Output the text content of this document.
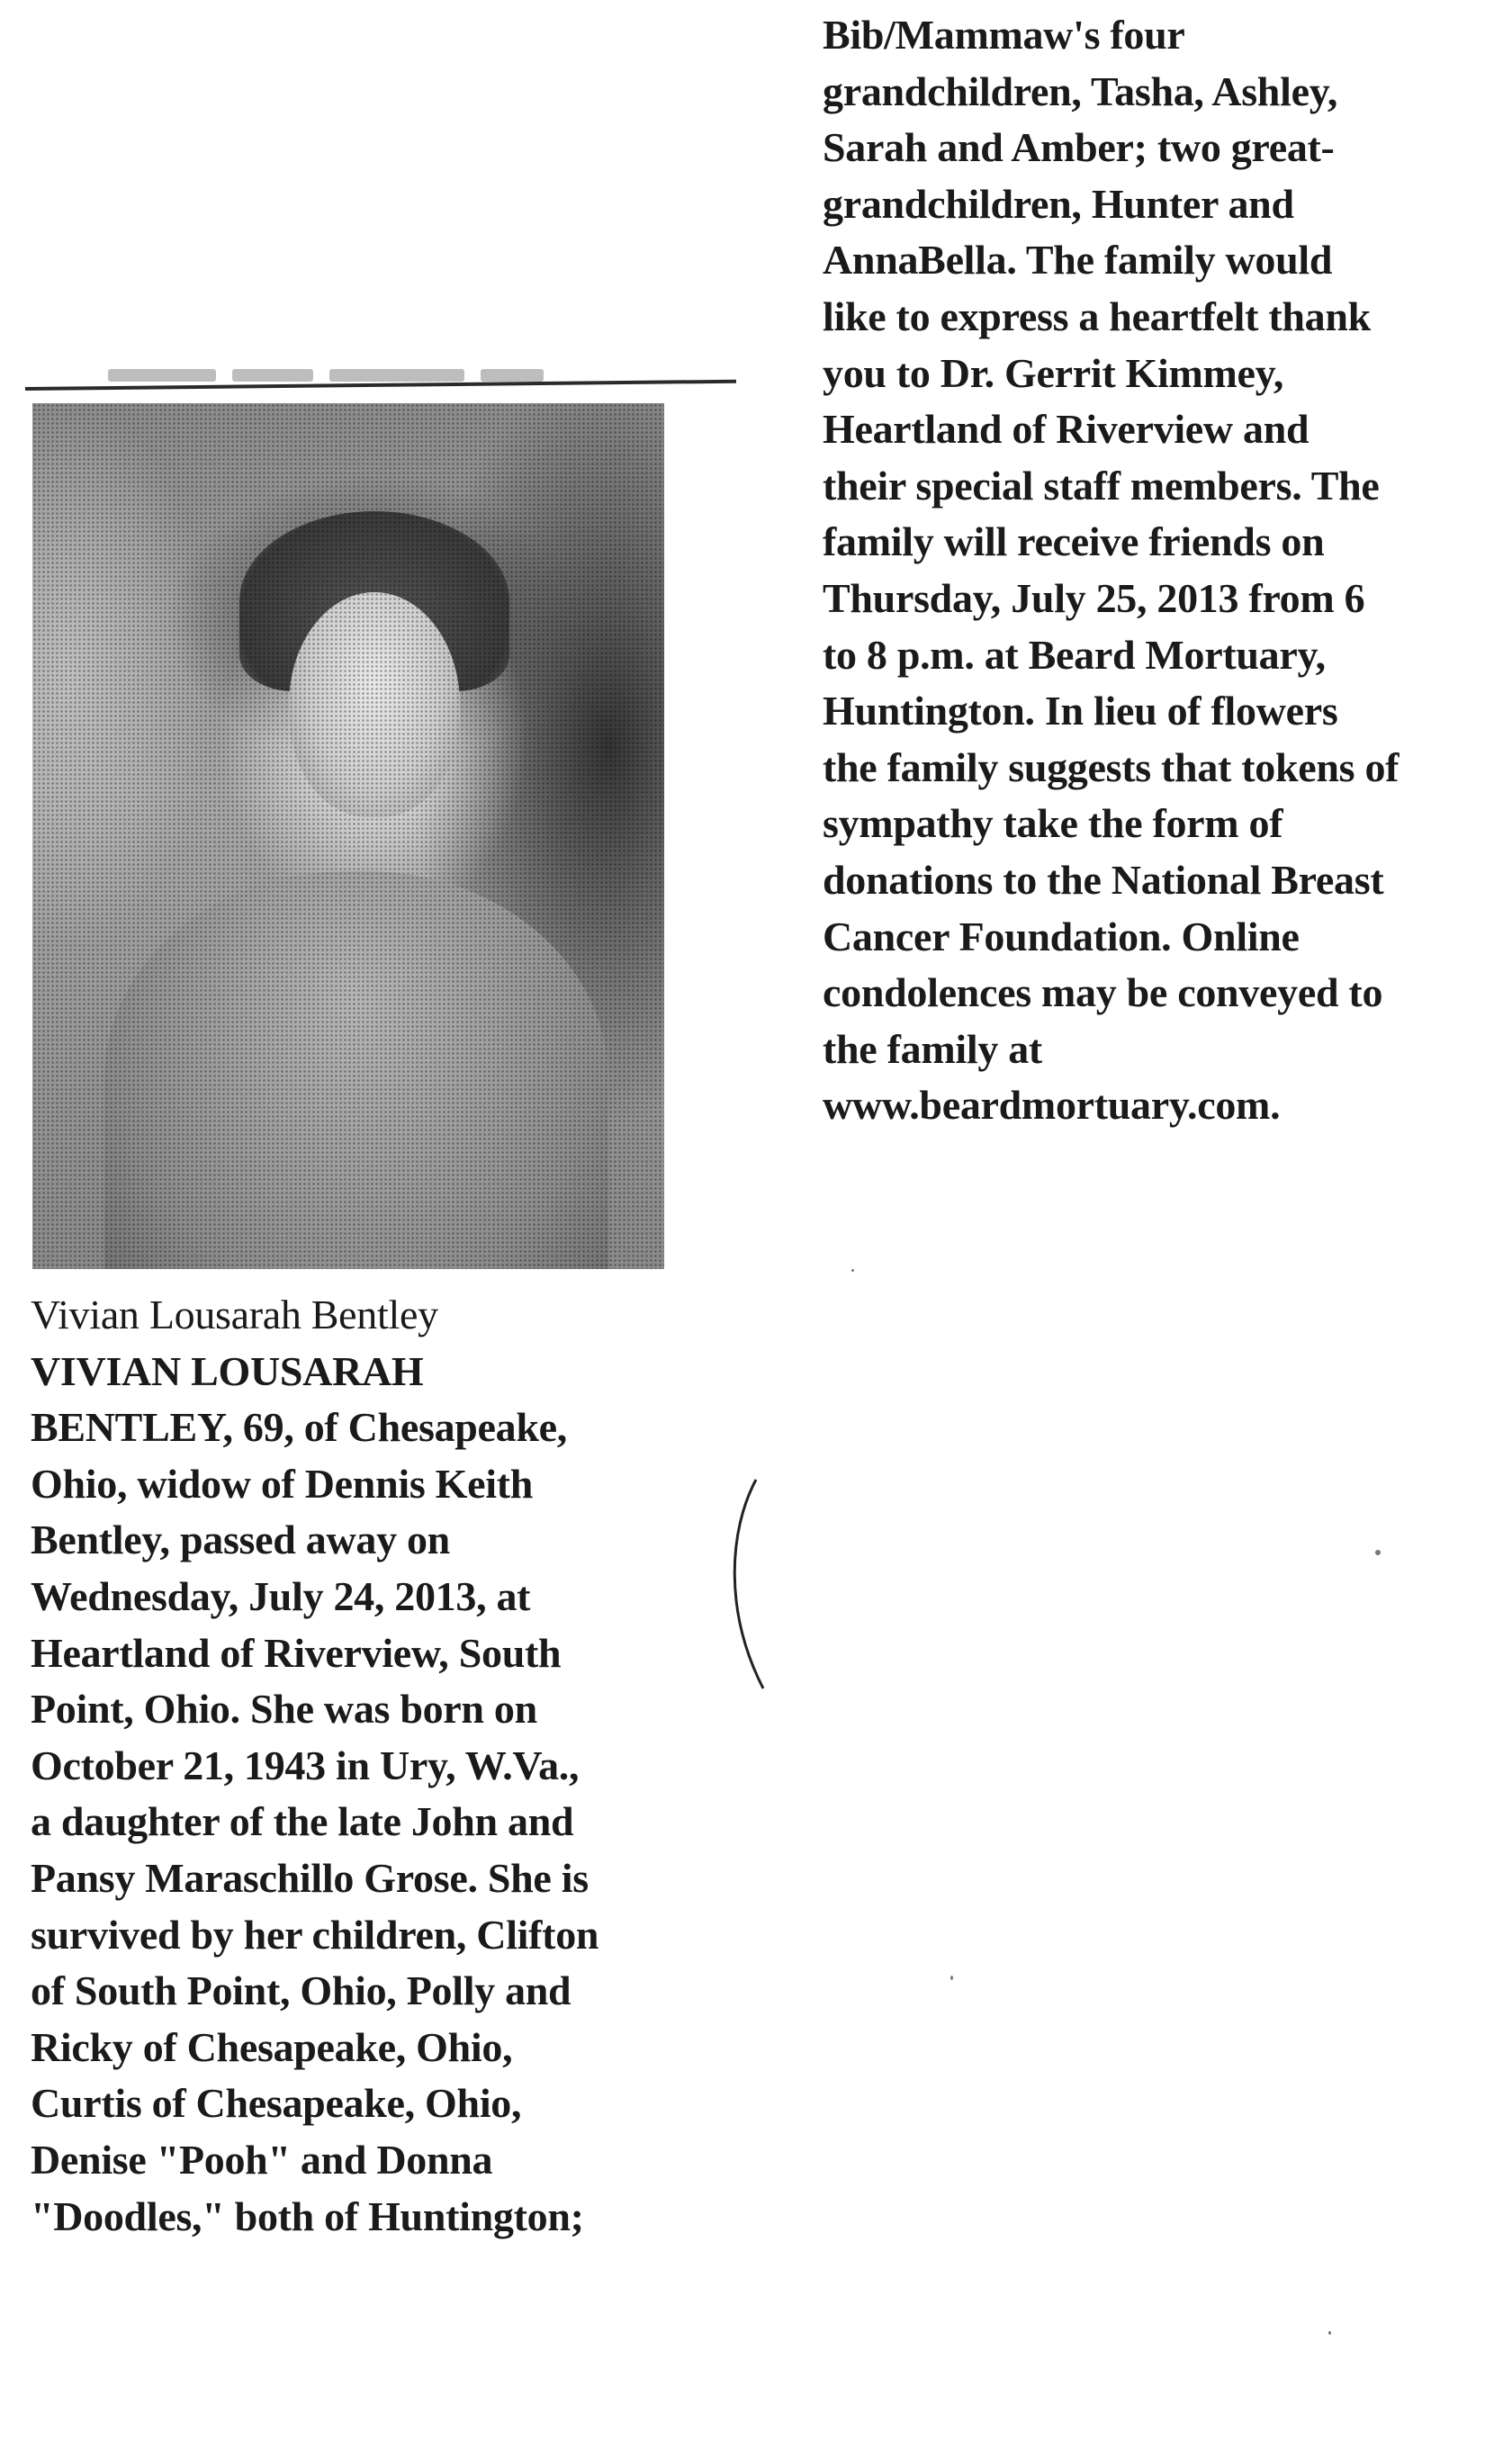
Vivian Lousarah Bentley
VIVIAN LOUSARAH
BENTLEY, 69, of Chesapeake,
Ohio, widow of Dennis Keith
Bentley, passed away on
Wednesday, July 24, 2013, at
Heartland of Riverview, South
Point, Ohio. She was born on
October 21, 1943 in Ury, W.Va.,
a daughter of the late John and
Pansy Maraschillo Grose. She is
survived by her children, Clifton
of South Point, Ohio, Polly and
Ricky of Chesapeake, Ohio,
Curtis of Chesapeake, Ohio,
Denise "Pooh" and Donna
"Doodles," both of Huntington;
Bib/Mammaw's four
grandchildren, Tasha, Ashley,
Sarah and Amber; two great-
grandchildren, Hunter and
AnnaBella. The family would
like to express a heartfelt thank
you to Dr. Gerrit Kimmey,
Heartland of Riverview and
their special staff members. The
family will receive friends on
Thursday, July 25, 2013 from 6
to 8 p.m. at Beard Mortuary,
Huntington. In lieu of flowers
the family suggests that tokens of
sympathy take the form of
donations to the National Breast
Cancer Foundation. Online
condolences may be conveyed to
the family at
www.beardmortuary.com.
